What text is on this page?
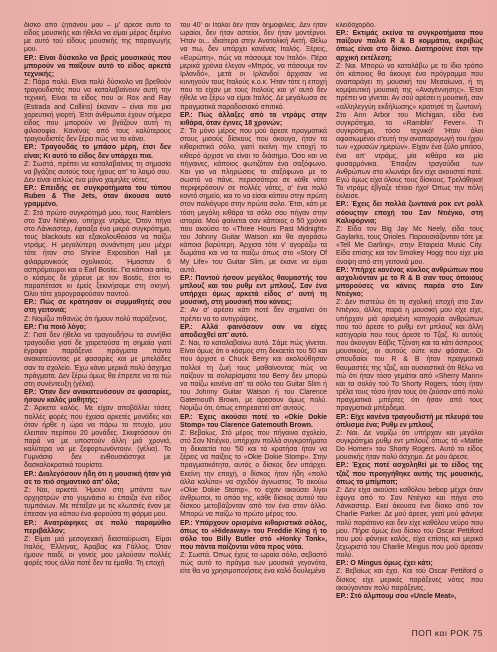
δίσκο από ζητιάνου μου – μ' άρεσε αυτό το είδος μουσικής και ήθελα να είμαι μέρος δεμένο με αυτό τού είδους μουσικής της παραγωγής μου.

ΕΡ.: Είναι δύσκολο να βρείς μουσικούς που μπορούν να παίξουν αυτό το είδος αρκετά τεχνικής;

Ζ: Πάρα πολύ. Είναι πολύ δύσκολο να βρεθούν τραγουδιστές που να καταλαβαίνουν αυτή την τεχνική. Είναι το είδος που οι Rox and Ray (Estrada and Collins) έκαναν – είναι πιο μια χορευτική γιορτή. Έτσι άνθρωποι έχουν σήμερα είδος που μπορούν να βγάζουν αυτή τη φιλοσοφία. Κανένας από τους καλύτερους τραγουδιστές δεν ξέρει πώς να το κάνει.

ΕΡ.: Τραγουδάς το μπάσο μέρη, έτσι δεν είναι; Κι αυτό το είδος δεν υπάρχει πια.

Ζ: Σωστά, πρέπει να καταλαβαίνεις τη σημασία να βγάζεις αυτούς τους ήχους απ' το λαιμό σου. Δεν είναι απλώς ένα μόνο χαμηλές νότες.

ΕΡ.: Επειδής σε συγκροτήματα του τύπου Ruben & The Jets, όταν άκουσα αυτό γραμμένο.

Ζ: Στό πρώτο συγκρότημά μου, τους Ramblers στο Σαν Ντιέγκο, υπήρχε ντράμς. Όταν πήγα στο Λάνκαστερ, έφτιαξα ένα μικρό συγκρότημα, τους blackouts και εξακολουθούσα να παίζω ντράμς. Η μεγαλύτερη συνάντηση μου μέχρι τότε ήταν στο Shrine Exposition Hall με φιλαρμονικούς σχολικούς. Ήμασταν 6 ασπρόμαυροι και ο Earl Bostic. Για κάποια αιτία, ο κόσμος δε χόρευε με τον Bostic, έτσι το παραπέτασε κι έμείς ξεκινήσαμε στη σκηνή. Όλοι τότε χορογραφούσαν παντού.

ΕΡ.: Πώς σε κράτησαν οι συμμαθητές σου στη γειτονιά;

Ζ: Νομίζω πιθανώς ότι ήμουν πολύ παράξενος.

ΕΡ.: Για ποιό λόγο;

Ζ: Γιατί δεν ήθελα να τραγουδήσω τα συνήθια τραγούδια γιατί δε χαιρετούσα τη σημαία γιατί έγραφα παράξενα πράγματα πάντα ανακατεύοντας με φασαρίες και με μπελάδες σαν το σχολείο. Έχω κάνει μερικά πολύ άσχημα πράγματα. Δεν ξέρω όμως θα έπρεπε να τα πώ στη συνέντευξη (γέλια).

ΕΡ.: Όταν δεν ανακατευόσουν σε φασαρίες, ήσουν καλός μαθητής;

Ζ: Άρκετα καλός. Με είχαν αποβάλλει τόσες πολλές φορές που έχασα αρκετές μονάδες και όταν ήρθε η ώρα να πάρω το πτυχίο, μου έλειπαν περίπου 20 μονάδες. Σκεφτόσουν ότι παρά να με υποστούν άλλη μιά χρονιά, καλύτερα να με ξεφορτωνόντουν. (γέλια). Το Γυμνάσιο δεν ενθουσιάστηκε με δασκαλοκρατικό τουρίστα.

ΕΡ.: Διαλεγόσουν ήδη ότι η μουσική ήταν γιά σε το πιό σημαντικό απ' όλα;

Ζ: Ναι, αρκετά. Ήμουν στη μπάντα των ορχηστρών στο γυμνάσιο κι έπαιζα ένα είδος τυμπάνων. Με πέταξαν με τις κλωτσιές έναν με έπεσαν για κάπου ένα φορούσα τη φόρμα μου.

ΕΡ.: Ανατράφηκες σε πολύ παραμύθιο περιβάλλον;

Ζ: Είμαι μιά μεσογειακή διασταύρωση. Είμαι Ιταλός, Έλληνας, Άραβας και Γάλλος. Όταν ήμουν παιδί, οι γονείς μου μιλούσαν πολλές φορές τους άλλα ποτέ δεν τα έμαθα. Τη εποχή

του 40' οι Ιταλοί δεν ήταν δημοφιλείς. Δεν ήταν ωραίοι, δεν ήταν αστείοι, δεν ήταν μοντέρνοι. Ήταν οι... ιδιαίτερα στην Ανατολική Ακτή. Θέλω να πω, δεν υπάρχει κανένας Ιταλός. Ξέρεις, «Ευρώπη», πώς να πάσουμε τον Ιταλό». Πέρα μερικά χρόνια έλεγαν «Μπρός, να πάσουμε τον Ιρλανδό», μετά οι Ιρλανδοί άρχισαν να κυνηγούν τους Ιταλούς κ.ο.κ. Ήταν τότε η εποχή που τα είχαν με τους Ιταλούς και γι' αυτό δεν ήθελε να ξέρω να είμαι Ιταλός. Δε μεγάλωσα σε πραγματικά παραδοσιακό σπιτικό.

ΕΡ.: Πώς άλλαξες από τα ντράμς στην κιθάρα, όταν έγινες 18 χρονών;

Ζ: Το μόνο μέρος που μού άρεσε πραγματικά στους μισούς δίσκους που άκουγα, ήταν τα κιθαριστικά σόλο, γιατί εκείνη την εποχή το κιθαρό άρχισε να είναι το διάσημο. Όσο και να πήγαινες, κάποιος φωτιζόταν ένα σαξόφωνο. Και για να πληρώσεις το σαξόφωνο με το σωστό να πάνε, περισσότερα σε κάθε νότα περιφερόσουν σε πολλές νότες, σ' ένα πολύ κοντό σημείο, και το να είσαι κάπου στην πρώτη στον παλιόγυρο στην πρώτα σολο. Έτσι, κάτι με τόση μεγάλη κιθάρα τα σόλο σου πήγαν στην ιστορία. Μού φαίνεται σαν κάποιος ο 50 χρόνια που ακούσα το «Three Hours Past Midnight» του Johnny Guitar Watson και θα αγοράσω κάποια βαρύτερη. Άρχισα τότε ν' αγοράζω τα δωμάτια και να τα παίζω όπως στο «Story Of My Life» του Guitar Slim, με έκανε να είμαι αυτό.

ΕΡ.: Παντού ήσουν μεγάλος θαυμαστής του μπλουζ και του ρυθμ εντ μπλουζ. Σαν ένα υπήρχει όμως αρκετά είδος σ' αυτή τη μουσική, στη μουσική που κάνεις;

Ζ: Αν σ' αρέσει κάτι ποτέ δεν σημαίνει ότι πρέπει να το αντιγράψεις.

ΕΡ.: Αλλά φαινόσουν σαν να είχες αποδειχθεί απ' αυτό.

Ζ: Ναι, το καταλαβαίνω αυτό. Σάμε πώς γίνεται. Είναι όμως ότι ο κόσμος στη δεκαετία του 50 και που άρχισε ο Chuck Berry και ακολούθησαν πολλοί τη ζωή τους μαθαίνοντας πώς να παίζουν τα σολαρίσματα του Berry δεν μπορώ να παίζω κανένα απ' τα σόλο του Guitar Slim ή του Johnny Guitar Watson ή του Clarence Gatemouth Brown, με άρεσουν όμως πολύ. Νομίζω ότι, όπως επηρεαστεί απ' αυτούς.

ΕΡ.: Έχεις ακούσει ποτέ το «Okie Dokie Stomp» του Clarence Gatemouth Brown.

Ζ: Βεβαίως. Στό μέρος που πήγαινα σχολείο, στό Σαν Ντιέγκο, υπήρχαν πολλά συγκροτήματα τη δεκαετία του '50 και τό κρατήσα ήταν να ξέρεις να παίξεις το «Okie Dokie Stomp». Στην πραγματικότητα, αυτός ο δίσκος δεν υπάρχει. Εκείνη την εποχή, ο δίσκος ήταν ήδη «πολύ άλλα καλύτα» να σχεδόν άγνωστος. Το ακούω «Okie Dokie Stomp», το είχαν ακούσει λίγοι άνθρωποι, το οπάο της, κάθε δίσκος αυτού του δίσκου μετοβάζονταν από τον ένα στον άλλο. Μπορώ να παίζω το πρώτο μέρος του.

ΕΡ.: Υπάρχουν ορισμένα κιθαριστικά σόλος, όπως το «Hideaway» του Freddie King ή το σόλο του Billy Butler στό «Honky Tonk», που πάντα παίζονται νότα προς νότα.

Ζ: Σωστά. Όπως έχεις τα ωραία σόλο, σεβαστό πώς αυτό το πράγμα των μουσικά γεγονότα, είτε θα να χρησιμοποιήσεις ένα καλό δουλεμένο

κλειδόχορδο.

ΕΡ.: Εκτιμάς εκείνα τα συγκροτήματα που παίζουν παλιά R & B κομμάτια, ακριβώς όπως είναι στο δίσκο. Διατηρούνε έτσι την αρχική εκτέλεση;

Ζ: Ναι. Μπορώ να καταλάβω με το ίδιο τρόπο ότι κάποιος θα άκουγε ένα πρόγραμμα που αναπαράγει τη μουσική του Μεσαίωνα, ή τη κομψευτική μουσική της «Αναγέννησης». Έτσι πρέπει να γίνεται. Αν σού αρέσει η μουσική, σαν «αλληλεγγύη εκδήλωσης» κρατησέ τη ζωντανή. Στο Ann Arbor του Michigan, είδα ένα συγκρότημα, τα «Ramblin' Fever». Τι συγκρότημα, τόσο τεχνικό! Ήταν όλοι αφοσιωμένοι σ'ευτή την αναπαραγωγή του ήχου των «χρυσών ημερών». Είχαν ένα ξύλο μπάσο, ένα απ' ντράμς, μία κιθάρα και μία φυσαρμόνικα. Έπαιξαν τραγούδια των Ανθρώπων στο κλωνάρι δεν είχε ακουστεί ποτέ. Εγώ όμως είχα όλους τους δίσκους. Τρελάθηκα! Το ντράμς έβγαζε τέτοιο ήχο! Όπως την πόλη έκλεισε.

ΕΡ.: Έχεις δει πολλά ζωντανά ροκ εντ ρολλ σόουςτην εποχή του Σαν Ντιέγκο, στη Καλιφόρνια;

Ζ: Είδα τον Big Jay Mc Neely, είδα τους Gaylarks, τους Orioles. Παρουσιάζονταν τότε με «Tell Me Darling», στην Εταιρεία Music City. Είδα επίσης και τον Smokey Hogg που είχε μία άναψη από στη γειτονιά μου.

ΕΡ.: Υπήρχε κανένας κύκλος ανθρώπων που ασχολιόνταν με το R & B σαν τους όποιους μπορούσες να κάνεις παρέα στο Σαν Ντιέγκο;

Ζ: Δεν πιστεύω ότι τη σχολική εποχή στο Σαν Ντιέγκο, άλλος παρά η μουσική μου είχε είχε, υπήρχαν μιά ορισμένη κατηγορία ανθρώπων που τού άρεσε το ρυθμ εντ μπλουζ και άλλη κατηγορία που τους άρεσε το Τζαζ. Κι αυτούς που άκουγαν Εάβις Τζένση και τα κάτι άσπρους μουσικούς, οι αυτούς ούτε καν φάσανε. Οι σπουδαίοι του R & B ήταν πραγματικά θαυμαστές της τζαζ, και ουσιαστικά ότι θέλω να πώ ότι ήταν τόσο γεμάτοι από «Sherry Mann» και τα σολόγ τού Το Shorty Rogers, τόση ήταν τρέλα τους τόσο ήταν τους ότι ζούσαν από πολύ πραγματικά μπέρτες ότι ήσαν από τους πραγματικά μπέρδεμα.

ΕΡ.: Είχε κανένα τραγουδιστή με πλευρά του όπλισμα ένα; Ρυθμ εν μπλουζ

Ζ: Ναι. Δε νομίζω ότι υπήρχαν και μεγάλοι συγκρότημα ρυθμ εντ μπλουζ όπως τό «Mattie Do Homer» του Shorty Rogers. Αυτό το είδος μουσικής ήταν πολύ άσχημο. Δε μου άρεσε.

ΕΡ.: Έχεις ποτέ ασχοληθεί με το είδος της τζάζ που προηγήθηκε αυτής της μουσικής, όπως το μπίμποπ;

Ζ: Δεν είχα ακούσει καθόλου bebop μέχρι όταν έφυγα από το Σαν Ντιέγκο και πήγα στο Λάνκαστερ. Εκεί άκουσα ένα δίσκο από τον Charlie Parker. Δε μού άρεσε, γιατί μού φάνηκε πολύ παράτονο και δεν είχε καθόλου νεύρο που μου. Πήρα όμως ένα δίσκο του Oscar Pettiford που μού φάνηκε καλός, είχα επίσης και μερικά ξεχωριστά του Charlie Mingus που μού άρεσαν πολύ.

ΕΡ.: Ο Mingus όμως έχει κάτι;

Ζ: Βεβαίως και έχει. Και τού Oscar Pettiford ο δίσκος είχε μερικές παράξενες νότες που ακούγονταν πολύ παράξενες.

ΕΡ.: Στό άλμπουμ σου «Uncle Meat»,

ΠΟΠ και ΡΟΚ 75
